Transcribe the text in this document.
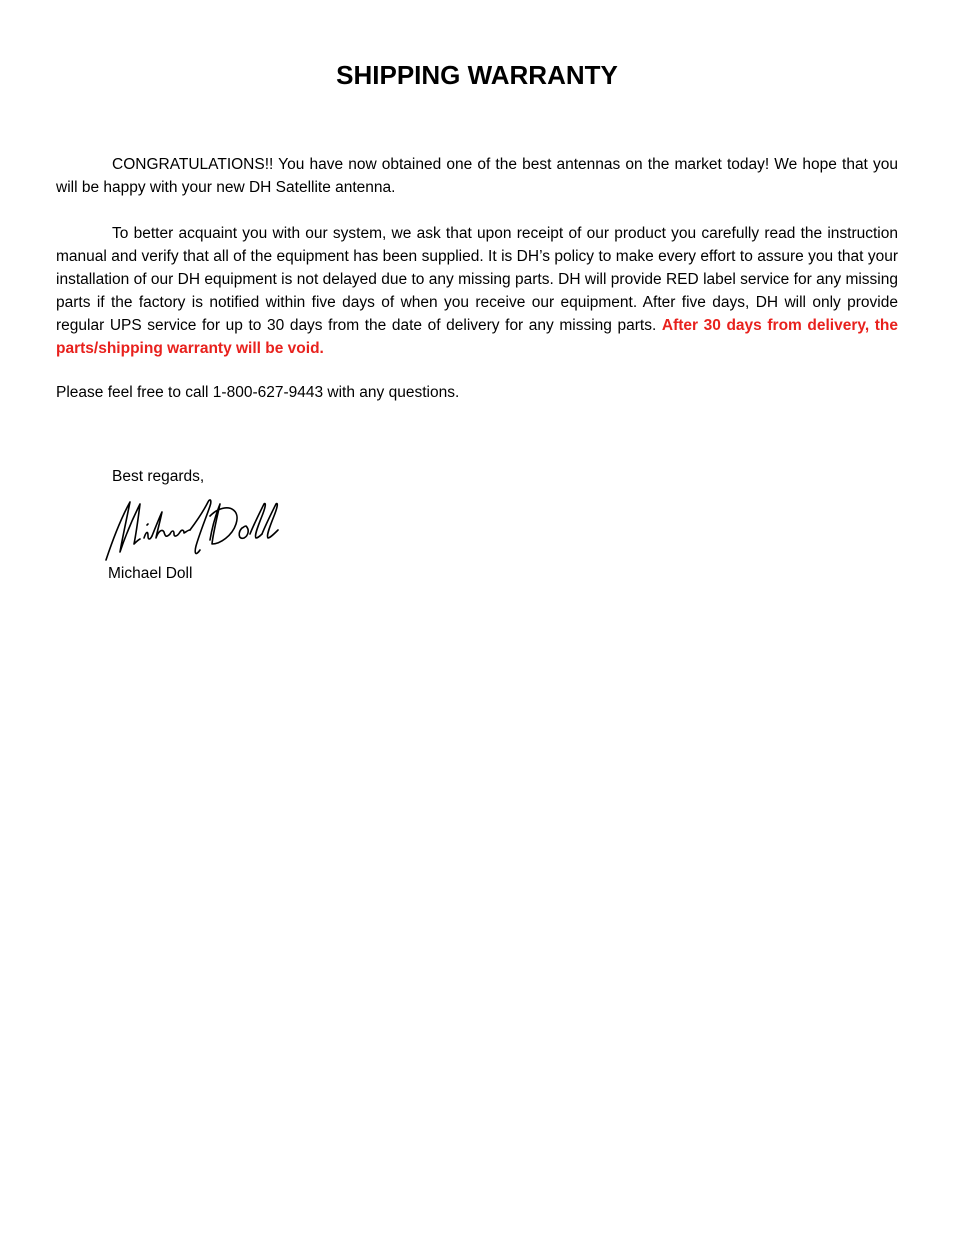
SHIPPING WARRANTY

CONGRATULATIONS!! You have now obtained one of the best antennas on the market today! We hope that you will be happy with your new DH Satellite antenna.

To better acquaint you with our system, we ask that upon receipt of our product you carefully read the instruction manual and verify that all of the equipment has been supplied. It is DH’s policy to make every effort to assure you that your installation of our DH equipment is not delayed due to any missing parts. DH will provide RED label service for any missing parts if the factory is notified within five days of when you receive our equipment. After five days, DH will only provide regular UPS service for up to 30 days from the date of delivery for any missing parts. After 30 days from delivery, the parts/shipping warranty will be void.

Please feel free to call 1-800-627-9443 with any questions.

Best regards,

Michael Doll
